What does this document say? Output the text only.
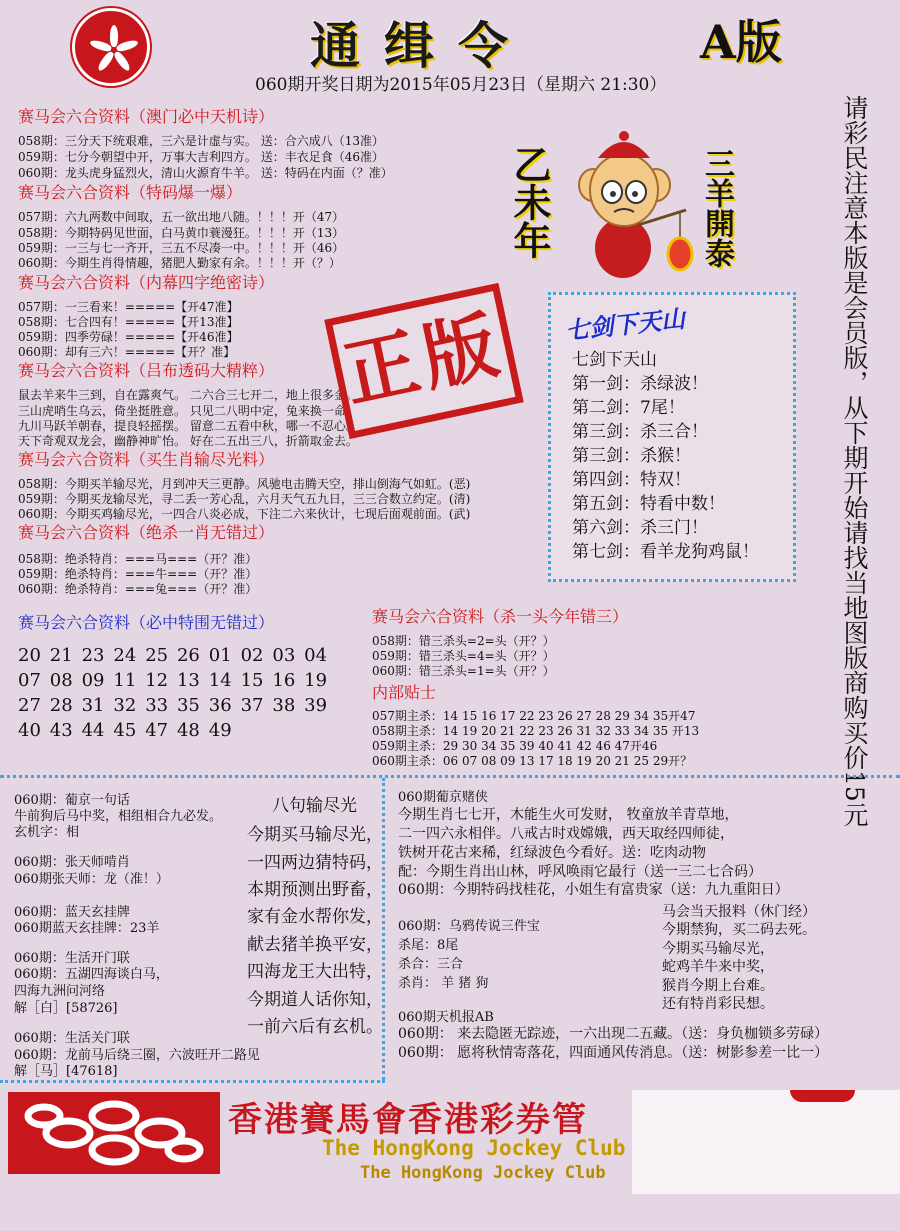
通缉令	A版
060期开奖日期为2015年05月23日（星期六 21:30）
请彩民注意本版是会员版，从下期开始请找当地图版商购买价15元
赛马会六合资料（澳门必中天机诗）
058期：三分天下统艰难，三六是计虚与实。 送：合六成八（13准）
059期：七分今朝望中开，万事大吉利四方。 送：丰衣足食（46准）
060期：龙头虎身猛烈火，清山火源育牛羊。 送：特码在内面（？准）
赛马会六合资料（特码爆一爆）
057期：六九两数中间取，五一欲出地八随。！！！开（47）
058期：今期特码见世面，白马黄巾蓑漫狂。！！！开（13）
059期：一三与七一齐开，三五不尽凑一中。！！！开（46）
060期：今期生肖得情趣，猪肥人勤家有余。！！！开（？）
赛马会六合资料（内幕四字绝密诗）
057期：一三看来！=====【开47准】
058期：七合四有！=====【开13准】
059期：四季劳碌！=====【开46准】
060期：却有三六！=====【开？准】
赛马会六合资料（吕布透码大精粹）
鼠去羊来牛三到，自在露爽气。 二六合三七开二，地上很多金。
三山虎哨生乌云，倚坐挺胜意。 只见二八明中定，兔来换一命。
九川马跃羊朝春，提良轻摇摆。 留意二五看中秋，哪一不忍心。
天下奇观双龙会，幽静神旷怡。 好在二五出三八，折箭取金去。
赛马会六合资料（买生肖输尽光料）
058期：今期买羊输尽光，月到冲天三更静。风驰电击腾天空，排山倒海气如虹。(恶)
059期：今期买龙输尽光，寻二丢一芳心乱，六月天气五九日，三三合数立约定。(清)
060期：今期买鸡输尽光，一四合八炎必成，下注二六来伙计，七现后面观前面。(武)
赛马会六合资料（绝杀一肖无错过）
058期：绝杀特肖：===马===（开？准）
059期：绝杀特肖：===牛===（开？准）
060期：绝杀特肖：===兔===（开？准）
正版
乙未年	三羊開泰
七剑下天山
七剑下天山
第一剑：杀绿波！
第二剑：7尾！
第三剑：杀三合！
第三剑：杀猴！
第四剑：特双！
第五剑：特看中数！
第六剑：杀三门！
第七剑：看羊龙狗鸡鼠！
赛马会六合资料（必中特围无错过）
20 21 23 24 25 26 01 02 03 04
07 08 09 11 12 13 14 15 16 19
27 28 31 32 33 35 36 37 38 39
40 43 44 45 47 48 49
赛马会六合资料（杀一头今年错三）
058期：错三杀头=2=头（开？）
059期：错三杀头=4=头（开？）
060期：错三杀头=1=头（开？）
内部贴士
057期主杀：14 15 16 17 22 23 26 27 28 29 34 35开47
058期主杀：14 19 20 21 22 23 26 31 32 33 34 35 开13
059期主杀：29 30 34 35 39 40 41 42 46 47开46
060期主杀：06 07 08 09 13 17 18 19 20 21 25 29开？
060期：葡京一句话
牛前狗后马中奖，相组相合九必发。
玄机字：相
060期：张天师啃肖
060期张天师：龙（准！）
060期：蓝天玄挂牌
060期蓝天玄挂牌：23羊
060期：生活开门联
060期：五湖四海谈白马，
四海九洲问河络
解［白］[58726]
060期：生活关门联
060期：龙前马后绕三圈，六波旺开二路见
解［马］[47618]
八句输尽光
今期买马输尽光，
一四两边猜特码，
本期预测出野畜，
家有金水帮你发，
献去猪羊换平安，
四海龙王大出特，
今期道人话你知，
一前六后有玄机。
060期葡京赌侠
今期生肖七七开，木能生火可发财， 牧童放羊青草地，
二一四六永相伴。八戒古时戏嫦娥，西天取经四师徒，
铁树开花古来稀，红绿波色今看好。送：吃肉动物
配：今期生肖出山林，呼风唤雨它最行（送一三二七合码）
060期：今期特码找桂花，小姐生有富贵家（送：九九重阳日）
060期：乌鸦传说三件宝
杀尾：8尾
杀合：三合
杀肖： 羊 猪 狗
马会当天报料（休门经）
今期禁狗，买二码去死。
今期买马输尽光，
蛇鸡羊牛来中奖，
猴肖今期上台难。
还有特肖彩民想。
060期天机报AB
060期： 来去隐匿无踪迹，一六出现二五藏。（送：身负枷锁多劳碌）
060期： 愿将秋情寄落花，四面通风传消息。（送：树影参差一比一）
香港賽馬會香港彩券管
The HongKong Jockey Club
The HongKong Jockey Club
